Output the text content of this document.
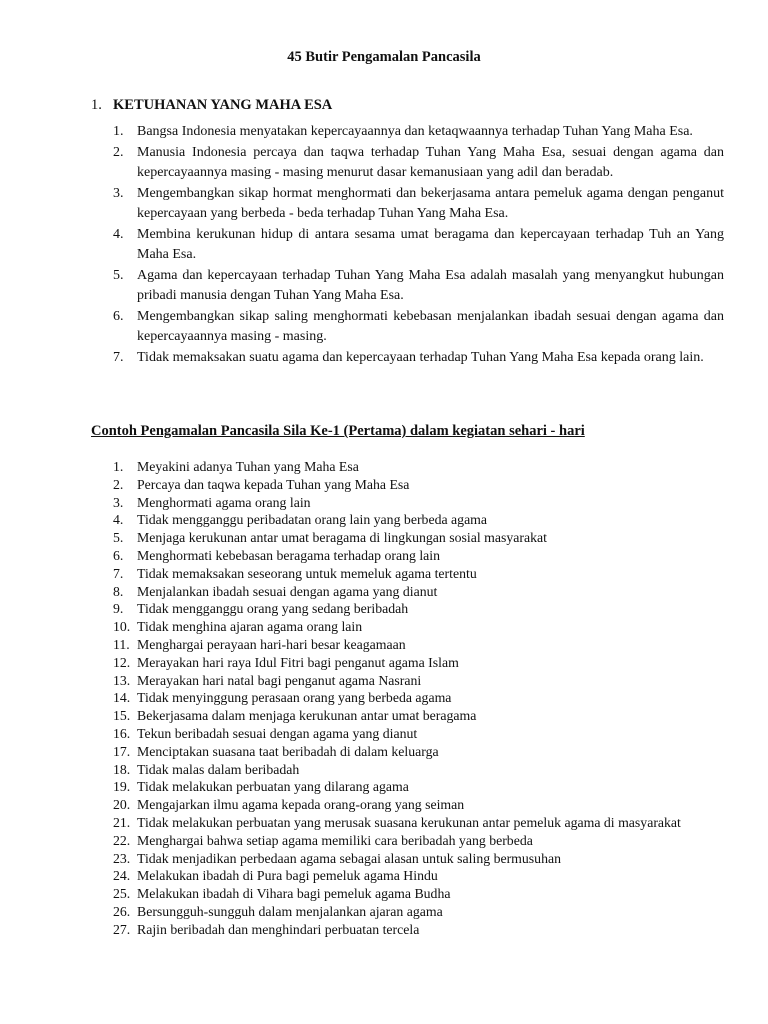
45 Butir Pengamalan Pancasila
1. KETUHANAN YANG MAHA ESA
1. Bangsa Indonesia menyatakan kepercayaannya dan ketaqwaannya terhadap Tuhan Yang Maha Esa.
2. Manusia Indonesia percaya dan taqwa terhadap Tuhan Yang Maha Esa, sesuai dengan agama dan kepercayaannya masing - masing menurut dasar kemanusiaan yang adil dan beradab.
3. Mengembangkan sikap hormat menghormati dan bekerjasama antara pemeluk agama dengan penganut kepercayaan yang berbeda - beda terhadap Tuhan Yang Maha Esa.
4. Membina kerukunan hidup di antara sesama umat beragama dan kepercayaan terhadap Tuh an Yang Maha Esa.
5. Agama dan kepercayaan terhadap Tuhan Yang Maha Esa adalah masalah yang menyangkut hubungan pribadi manusia dengan Tuhan Yang Maha Esa.
6. Mengembangkan sikap saling menghormati kebebasan menjalankan ibadah sesuai dengan agama dan kepercayaannya masing - masing.
7. Tidak memaksakan suatu agama dan kepercayaan terhadap Tuhan Yang Maha Esa kepada orang lain.
Contoh Pengamalan Pancasila Sila Ke-1 (Pertama) dalam kegiatan sehari - hari
1. Meyakini adanya Tuhan yang Maha Esa
2. Percaya dan taqwa kepada Tuhan yang Maha Esa
3. Menghormati agama orang lain
4. Tidak mengganggu peribadatan orang lain yang berbeda agama
5. Menjaga kerukunan antar umat beragama di lingkungan sosial masyarakat
6. Menghormati kebebasan beragama terhadap orang lain
7. Tidak memaksakan seseorang untuk memeluk agama tertentu
8. Menjalankan ibadah sesuai dengan agama yang dianut
9. Tidak mengganggu orang yang sedang beribadah
10. Tidak menghina ajaran agama orang lain
11. Menghargai perayaan hari-hari besar keagamaan
12. Merayakan hari raya Idul Fitri bagi penganut agama Islam
13. Merayakan hari natal bagi penganut agama Nasrani
14. Tidak menyinggung perasaan orang yang berbeda agama
15. Bekerjasama dalam menjaga kerukunan antar umat beragama
16. Tekun beribadah sesuai dengan agama yang dianut
17. Menciptakan suasana taat beribadah di dalam keluarga
18. Tidak malas dalam beribadah
19. Tidak melakukan perbuatan yang dilarang agama
20. Mengajarkan ilmu agama kepada orang-orang yang seiman
21. Tidak melakukan perbuatan yang merusak suasana kerukunan antar pemeluk agama di masyarakat
22. Menghargai bahwa setiap agama memiliki cara beribadah yang berbeda
23. Tidak menjadikan perbedaan agama sebagai alasan untuk saling bermusuhan
24. Melakukan ibadah di Pura bagi pemeluk agama Hindu
25. Melakukan ibadah di Vihara bagi pemeluk agama Budha
26. Bersungguh-sungguh dalam menjalankan ajaran agama
27. Rajin beribadah dan menghindari perbuatan tercela
